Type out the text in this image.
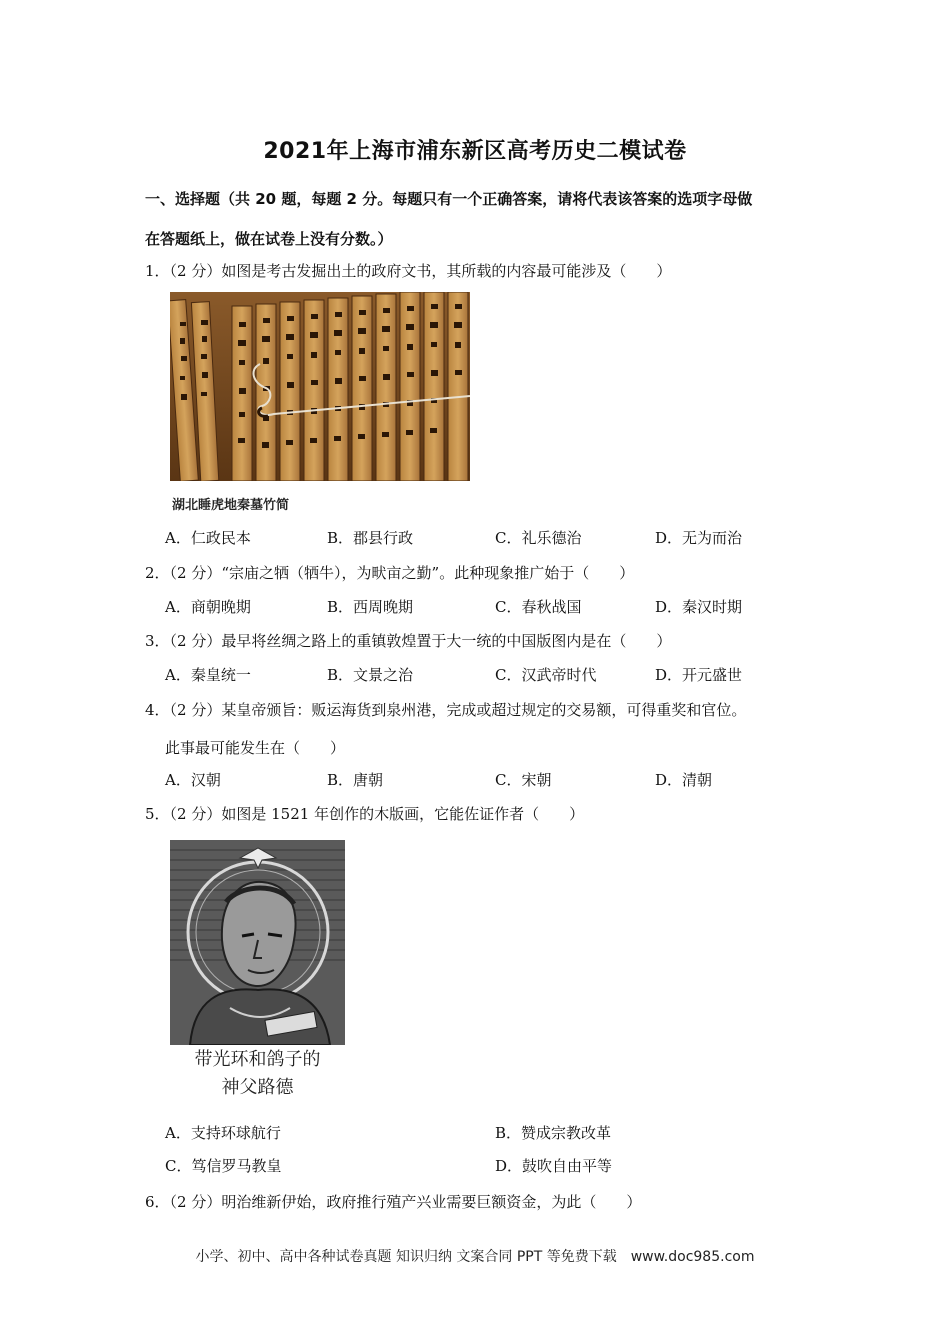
2021年上海市浦东新区高考历史二模试卷
一、选择题（共 20 题，每题 2 分。每题只有一个正确答案，请将代表该答案的选项字母做
在答题纸上，做在试卷上没有分数。）
1．（2 分）如图是考古发掘出土的政府文书，其所载的内容最可能涉及（　　）
湖北睡虎地秦墓竹简
A．仁政民本	B．郡县行政	C．礼乐德治	D．无为而治
2．（2 分）“宗庙之牺（牺牛），为畎亩之勤”。此种现象推广始于（　　）
A．商朝晚期	B．西周晚期	C．春秋战国	D．秦汉时期
3．（2 分）最早将丝绸之路上的重镇敦煌置于大一统的中国版图内是在（　　）
A．秦皇统一	B．文景之治	C．汉武帝时代	D．开元盛世
4．（2 分）某皇帝颁旨：贩运海货到泉州港，完成或超过规定的交易额，可得重奖和官位。
此事最可能发生在（　　）
A．汉朝	B．唐朝	C．宋朝	D．清朝
5．（2 分）如图是 1521 年创作的木版画，它能佐证作者（　　）
带光环和鸽子的
神父路德
A．支持环球航行	B．赞成宗教改革
C．笃信罗马教皇	D．鼓吹自由平等
6．（2 分）明治维新伊始，政府推行殖产兴业需要巨额资金，为此（　　）
小学、初中、高中各种试卷真题 知识归纳 文案合同 PPT 等免费下载　www.doc985.com
